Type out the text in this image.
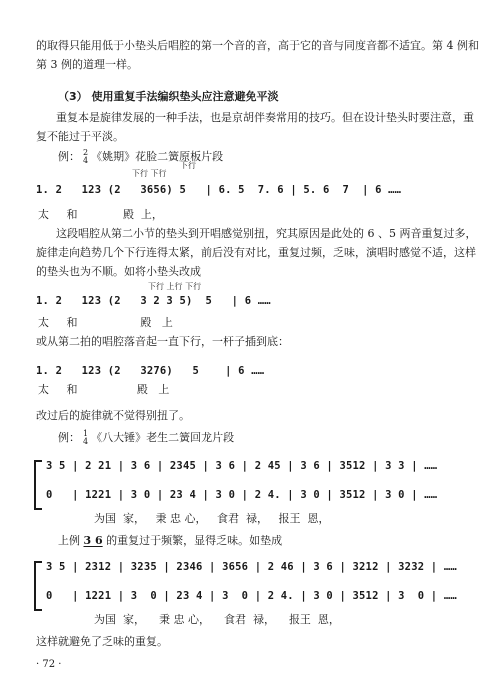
的取得只能用低于小垫头后唱腔的第一个音的音，高于它的音与同度音都不适宜。第 4 例和
第 3 例的道理一样。
（3） 使用重复手法编织垫头应注意避免平淡
重复本是旋律发展的一种手法，也是京胡伴奏常用的技巧。但在设计垫头时要注意，重
复不能过于平淡。
例： 2
4 《姚期》花脸二簧原板片段
下行 下行
下行
1. 2   123 (2   3656) 5   | 6. 5  7. 6 | 5. 6  7  | 6 ……
太     和             殿  上，
这段唱腔从第二小节的垫头到开唱感觉别扭，究其原因是此处的 6 、5 两音重复过多，
旋律走向趋势几个下行连得太紧，前后没有对比，重复过频，乏味，演唱时感觉不适，这样
的垫头也为不顺。如将小垫头改成
下行 上行 下行
1. 2   123 (2   3 2 3 5)  5   | 6 ……
太     和                  殿   上
或从第二拍的唱腔落音起一直下行，一杆子插到底：
1. 2   123 (2   3276)   5    | 6 ……
太     和                 殿   上
改过后的旋律就不觉得别扭了。
例： 1
4 《八大锤》老生二簧回龙片段
3 5 | 2 21 | 3 6 | 2345 | 3 6 | 2 45 | 3 6 | 3512 | 3 3 | ……
0   | 1221 | 3 0 | 23 4 | 3 0 | 2 4. | 3 0 | 3512 | 3 0 | ……
为国  家，   秉 忠 心，   食君  禄，   报王  恩，
上例 3 6 的重复过于频繁，显得乏味。如垫成
3 5 | 2312 | 3235 | 2346 | 3656 | 2 46 | 3 6 | 3212 | 3232 | ……
0   | 1221 | 3  0 | 23 4 | 3  0 | 2 4. | 3 0 | 3512 | 3  0 | ……
为国  家，    秉 忠 心，    食君  禄，    报王  恩，
这样就避免了乏味的重复。
· 72 ·
